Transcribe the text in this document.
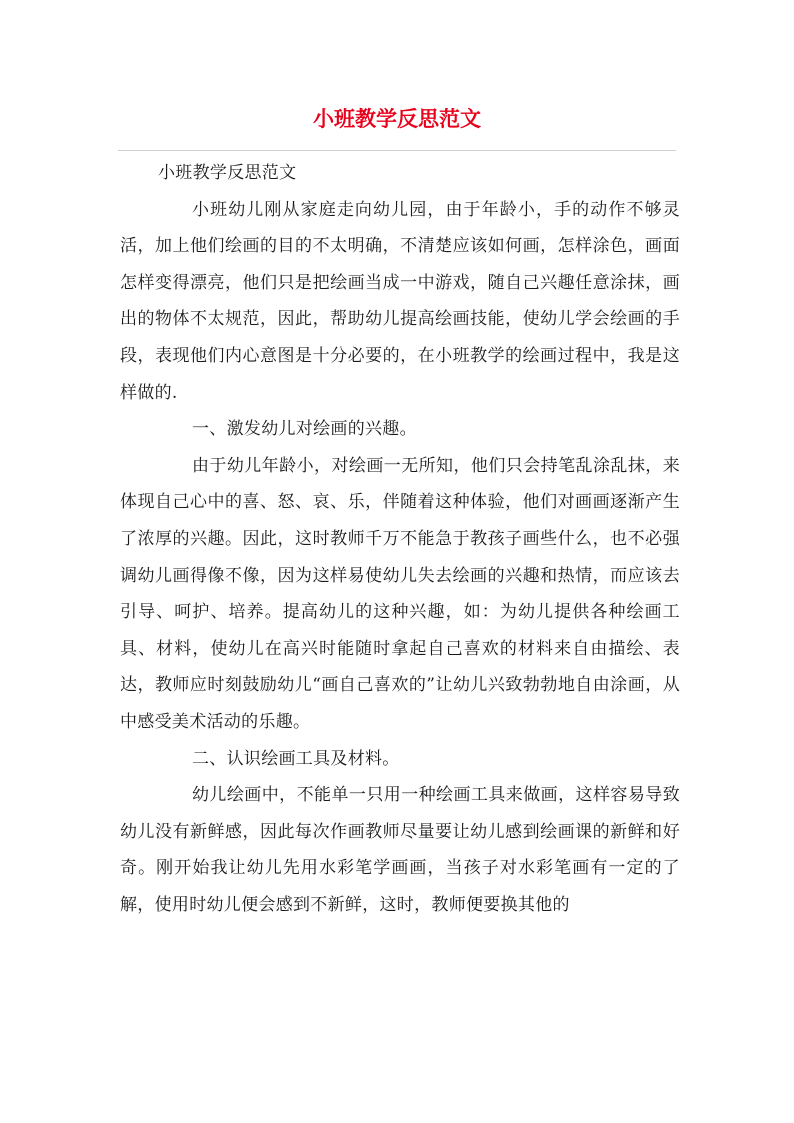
小班教学反思范文

小班教学反思范文

小班幼儿刚从家庭走向幼儿园，由于年龄小，手的动作不够灵活，加上他们绘画的目的不太明确，不清楚应该如何画，怎样涂色，画面怎样变得漂亮，他们只是把绘画当成一中游戏，随自己兴趣任意涂抹，画出的物体不太规范，因此，帮助幼儿提高绘画技能，使幼儿学会绘画的手段，表现他们内心意图是十分必要的，在小班教学的绘画过程中，我是这样做的.

一、激发幼儿对绘画的兴趣。

由于幼儿年龄小，对绘画一无所知，他们只会持笔乱涂乱抹，来体现自己心中的喜、怒、哀、乐，伴随着这种体验，他们对画画逐渐产生了浓厚的兴趣。因此，这时教师千万不能急于教孩子画些什么，也不必强调幼儿画得像不像，因为这样易使幼儿失去绘画的兴趣和热情，而应该去引导、呵护、培养。提高幼儿的这种兴趣，如：为幼儿提供各种绘画工具、材料，使幼儿在高兴时能随时拿起自己喜欢的材料来自由描绘、表达，教师应时刻鼓励幼儿“画自己喜欢的”让幼儿兴致勃勃地自由涂画，从中感受美术活动的乐趣。

二、认识绘画工具及材料。

幼儿绘画中，不能单一只用一种绘画工具来做画，这样容易导致幼儿没有新鲜感，因此每次作画教师尽量要让幼儿感到绘画课的新鲜和好奇。刚开始我让幼儿先用水彩笔学画画，当孩子对水彩笔画有一定的了解，使用时幼儿便会感到不新鲜，这时，教师便要换其他的
